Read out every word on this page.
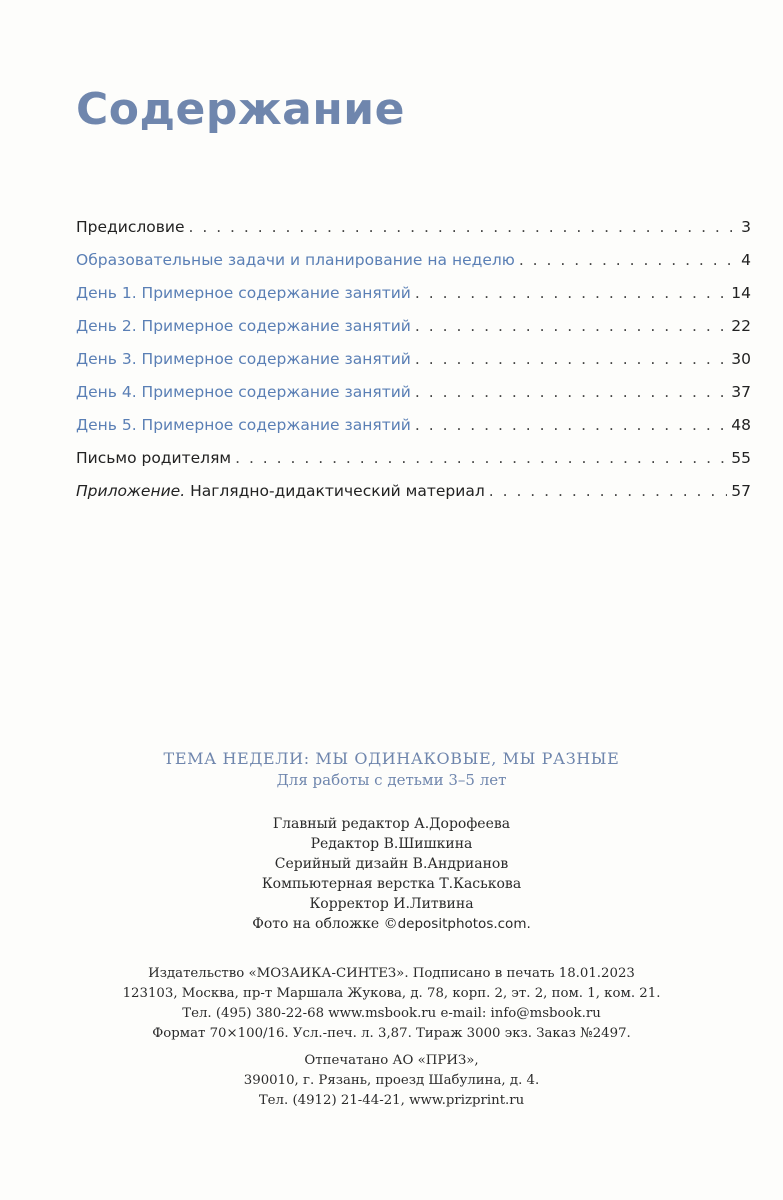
Содержание
Предисловие . . .	3
Образовательные задачи и планирование на неделю . . .	4
День 1. Примерное содержание занятий . . .	14
День 2. Примерное содержание занятий . . .	22
День 3. Примерное содержание занятий . . .	30
День 4. Примерное содержание занятий . . .	37
День 5. Примерное содержание занятий . . .	48
Письмо родителям . . .	55
Приложение. Наглядно-дидактический материал . . .	57
ТЕМА НЕДЕЛИ: МЫ ОДИНАКОВЫЕ, МЫ РАЗНЫЕ
Для работы с детьми 3–5 лет
Главный редактор А.Дорофеева
Редактор В.Шишкина
Серийный дизайн В.Андрианов
Компьютерная верстка Т.Каськова
Корректор И.Литвина
Фото на обложке ©depositphotos.com.
Издательство «МОЗАИКА-СИНТЕЗ». Подписано в печать 18.01.2023
123103, Москва, пр-т Маршала Жукова, д. 78, корп. 2, эт. 2, пом. 1, ком. 21.
Тел. (495) 380-22-68 www.msbook.ru e-mail: info@msbook.ru
Формат 70×100/16. Усл.-печ. л. 3,87. Тираж 3000 экз. Заказ №2497.
Отпечатано АО «ПРИЗ»,
390010, г. Рязань, проезд Шабулина, д. 4.
Тел. (4912) 21-44-21, www.prizprint.ru
